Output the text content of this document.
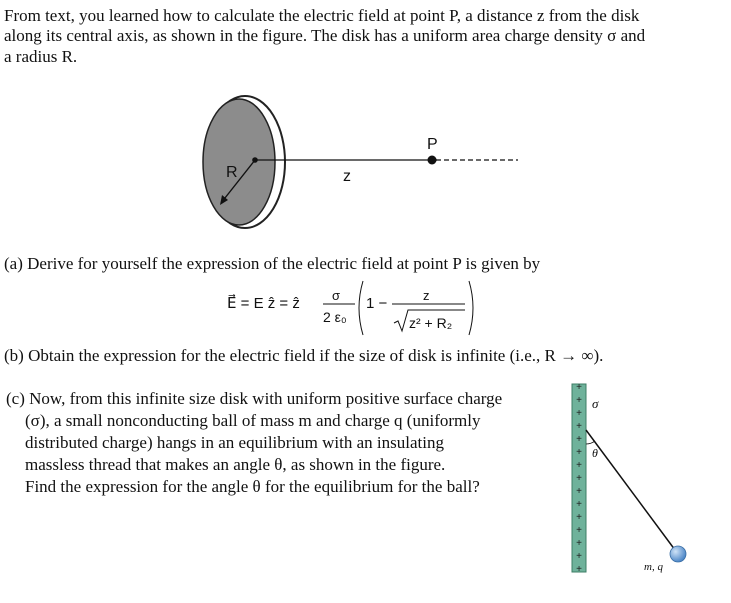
From text, you learned how to calculate the electric field at point P, a distance z from the disk
along its central axis, as shown in the figure. The disk has a uniform area charge density σ and
a radius R.
R
P
z
(a) Derive for yourself the expression of the electric field at point P is given by
E⃗ = E ẑ = ẑ σ
2 ε₀
1 −	z
z² + R₂
(b) Obtain the expression for the electric field if the size of disk is infinite (i.e., R → ∞).
(c) Now, from this infinite size disk with uniform positive surface charge
(σ), a small nonconducting ball of mass m and charge q (uniformly
distributed charge) hangs in an equilibrium with an insulating
massless thread that makes an angle θ, as shown in the figure.
Find the expression for the angle θ for the equilibrium for the ball?
+
+
+
+
+
+
+
+
+
+
+
+
+
+
+
σ
θ
m, q
